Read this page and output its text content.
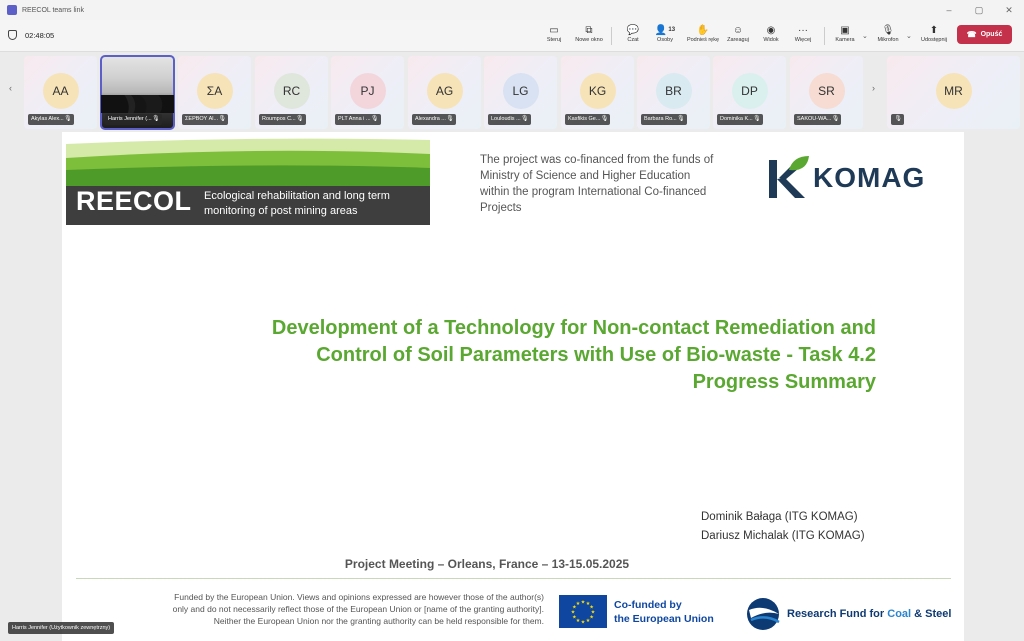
REECOL teams link	–	▢	✕
02:48:05	▭
Steruj
⧉
Nowe okno
💬
Czat
👤 13
Osoby
✋
Podnieś rękę
☺
Zareaguj
◉
Widok
···
Więcej
▣
Kamera ⌄
🎙
Mikrofon ⌄
⬆
Udostępnij
☎ Opuść
‹	›
AA
Akylas Alex... 🎙	Harris Jennifer (... 🎙
ΣA
ΣΕΡΒΟΥ Al... 🎙
RC
Roumpos C... 🎙
PJ
PLT Anna i ... 🎙
AG
Alexandra ... 🎙
LG
Louloudis ... 🎙
KG
Kasfikis Ge... 🎙
BR
Barbara Ro... 🎙
DP
Dominika K... 🎙
SR
SAKOU-WA... 🎙
MR
🎙
REECOL Ecological rehabilitation and long term monitoring of post mining areas
The project was co-financed from the funds of Ministry of Science and Higher Education within the program International Co-financed Projects
KOMAG
Development of a Technology for Non-contact Remediation and
Control of Soil Parameters with Use of Bio-waste - Task 4.2
Progress Summary
Dominik Bałaga (ITG KOMAG)
Dariusz Michalak (ITG KOMAG)
Project Meeting – Orleans, France – 13-15.05.2025
Funded by the European Union. Views and opinions expressed are however those of the author(s)
only and do not necessarily reflect those of the European Union or [name of the granting authority].
Neither the European Union nor the granting authority can be held responsible for them.
★
★
★
★
★
★
★
★
★ ★ ★
★ Co-funded by
the European Union	Research Fund for Coal & Steel
Harris Jennifer (Użytkownik zewnętrzny)
